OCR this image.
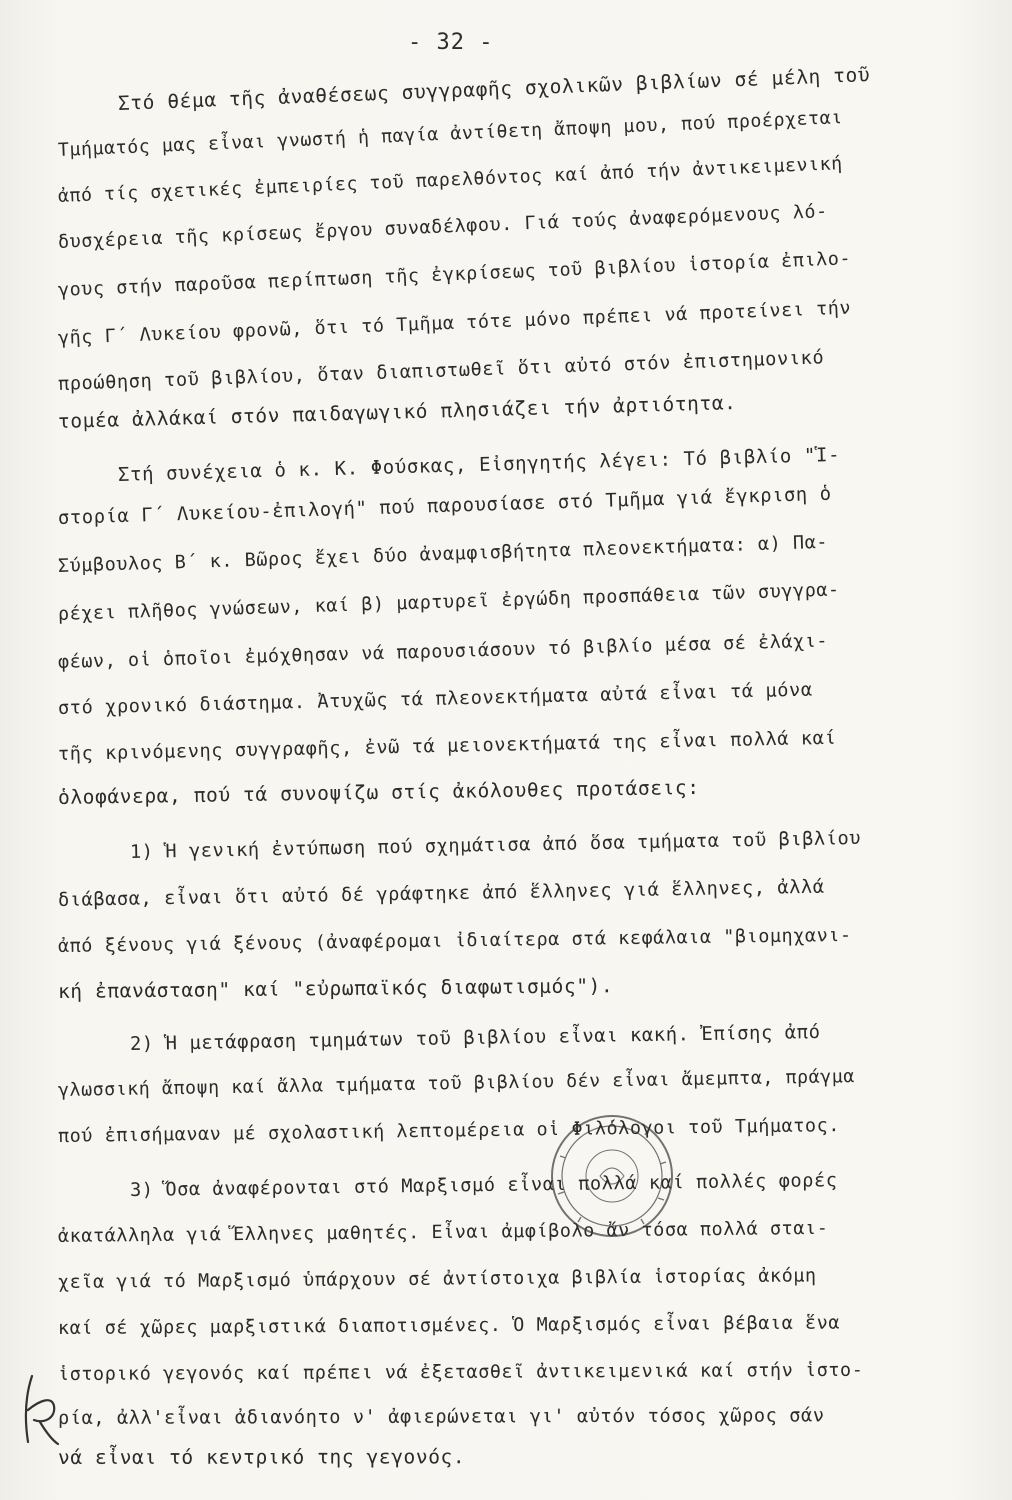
- 32 -
Στό θέμα τῆς ἀναθέσεως συγγραφῆς σχολικῶν βιβλίων σέ μέλη τοῦ
Τμήματός μας εἶναι γνωστή ἡ παγία ἀντίθετη ἄποψη μου, πού προέρχεται
ἀπό τίς σχετικές ἐμπειρίες τοῦ παρελθόντος καί ἀπό τήν ἀντικειμενική
δυσχέρεια τῆς κρίσεως ἔργου συναδέλφου. Γιά τούς ἀναφερόμενους λό-
γους στήν παροῦσα περίπτωση τῆς ἐγκρίσεως τοῦ βιβλίου ἱστορία ἐπιλο-
γῆς Γ΄ Λυκείου φρονῶ, ὅτι τό Τμῆμα τότε μόνο πρέπει νά προτείνει τήν
προώθηση τοῦ βιβλίου, ὅταν διαπιστωθεῖ ὅτι αὐτό στόν ἐπιστημονικό
τομέα ἀλλάκαί στόν παιδαγωγικό πλησιάζει τήν ἀρτιότητα.
Στή συνέχεια ὁ κ. Κ. Φούσκας, Εἰσηγητής λέγει: Τό βιβλίο "Ἱ-
στορία Γ΄ Λυκείου-ἐπιλογή" πού παρουσίασε στό Τμῆμα γιά ἔγκριση ὁ
Σύμβουλος Β΄ κ. Βῶρος ἔχει δύο ἀναμφισβήτητα πλεονεκτήματα: α) Πα-
ρέχει πλῆθος γνώσεων, καί β) μαρτυρεῖ ἐργώδη προσπάθεια τῶν συγγρα-
φέων, οἱ ὁποῖοι ἐμόχθησαν νά παρουσιάσουν τό βιβλίο μέσα σέ ἐλάχι-
στό χρονικό διάστημα. Ἀτυχῶς τά πλεονεκτήματα αὐτά εἶναι τά μόνα
τῆς κρινόμενης συγγραφῆς, ἐνῶ τά μειονεκτήματά της εἶναι πολλά καί
ὁλοφάνερα, πού τά συνοψίζω στίς ἀκόλουθες προτάσεις:
1) Ἡ γενική ἐντύπωση πού σχημάτισα ἀπό ὅσα τμήματα τοῦ βιβλίου
διάβασα, εἶναι ὅτι αὐτό δέ γράφτηκε ἀπό ἕλληνες γιά ἕλληνες, ἀλλά
ἀπό ξένους γιά ξένους (ἀναφέρομαι ἰδιαίτερα στά κεφάλαια "βιομηχανι-
κή ἐπανάσταση" καί "εὐρωπαϊκός διαφωτισμός").
2) Ἡ μετάφραση τμημάτων τοῦ βιβλίου εἶναι κακή. Ἐπίσης ἀπό
γλωσσική ἄποψη καί ἄλλα τμήματα τοῦ βιβλίου δέν εἶναι ἄμεμπτα, πράγμα
πού ἐπισήμαναν μέ σχολαστική λεπτομέρεια οἱ Φιλόλογοι τοῦ Τμήματος.
3) Ὅσα ἀναφέρονται στό Μαρξισμό εἶναι πολλά καί πολλές φορές
ἀκατάλληλα γιά Ἕλληνες μαθητές. Εἶναι ἀμφίβολο ἄν τόσα πολλά σται-
χεῖα γιά τό Μαρξισμό ὑπάρχουν σέ ἀντίστοιχα βιβλία ἱστορίας ἀκόμη
καί σέ χῶρες μαρξιστικά διαποτισμένες. Ὁ Μαρξισμός εἶναι βέβαια ἕνα
ἱστορικό γεγονός καί πρέπει νά ἐξετασθεῖ ἀντικειμενικά καί στήν ἱστο-
ρία, ἀλλ'εἶναι ἀδιανόητο ν' ἀφιερώνεται γι' αὐτόν τόσος χῶρος σάν
νά εἶναι τό κεντρικό της γεγονός.
